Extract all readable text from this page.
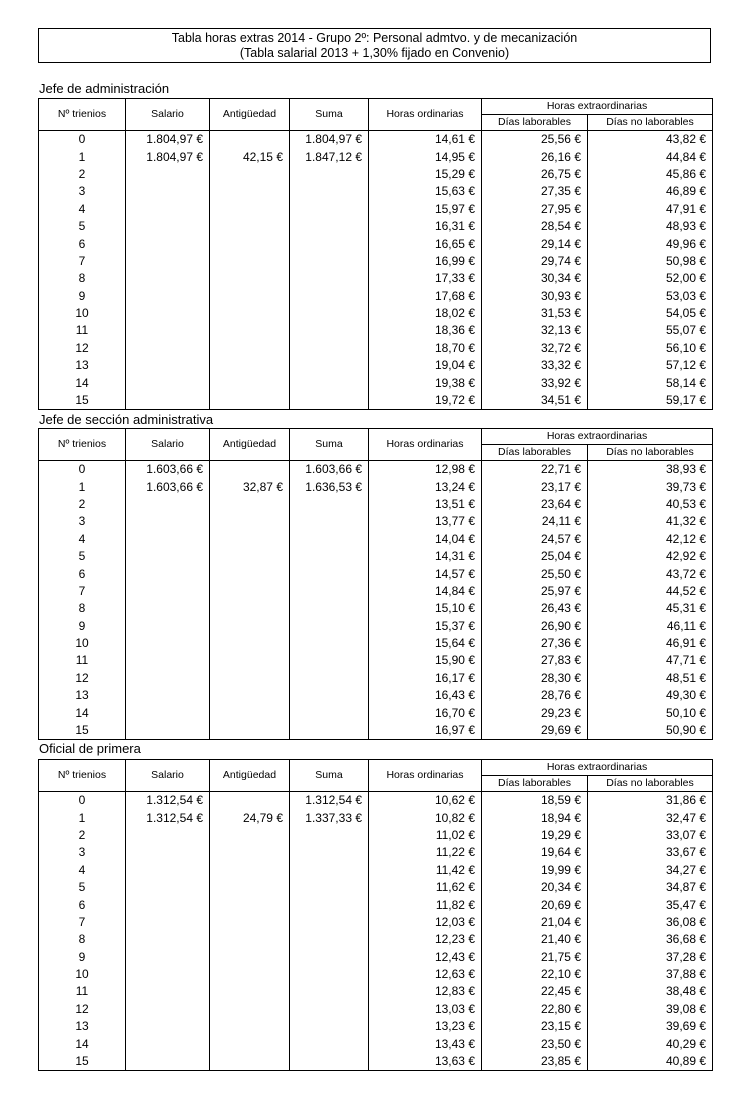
Tabla horas extras 2014 - Grupo 2º: Personal admtvo. y de mecanización
(Tabla salarial 2013 + 1,30% fijado en Convenio)
Jefe de administración
Nº trienios	Salario	Antigüedad	Suma	Horas ordinarias	Horas extraordinarias	
					Días laborables	Días no laborables
0	1.804,97 €		1.804,97 €	14,61 €	25,56 €	43,82 €
1	1.804,97 €	42,15 €	1.847,12 €	14,95 €	26,16 €	44,84 €
2				15,29 €	26,75 €	45,86 €
3				15,63 €	27,35 €	46,89 €
4				15,97 €	27,95 €	47,91 €
5				16,31 €	28,54 €	48,93 €
6				16,65 €	29,14 €	49,96 €
7				16,99 €	29,74 €	50,98 €
8				17,33 €	30,34 €	52,00 €
9				17,68 €	30,93 €	53,03 €
10				18,02 €	31,53 €	54,05 €
11				18,36 €	32,13 €	55,07 €
12				18,70 €	32,72 €	56,10 €
13				19,04 €	33,32 €	57,12 €
14				19,38 €	33,92 €	58,14 €
15				19,72 €	34,51 €	59,17 €
Jefe de sección administrativa
Nº trienios	Salario	Antigüedad	Suma	Horas ordinarias	Horas extraordinarias	
					Días laborables	Días no laborables
0	1.603,66 €		1.603,66 €	12,98 €	22,71 €	38,93 €
1	1.603,66 €	32,87 €	1.636,53 €	13,24 €	23,17 €	39,73 €
2				13,51 €	23,64 €	40,53 €
3				13,77 €	24,11 €	41,32 €
4				14,04 €	24,57 €	42,12 €
5				14,31 €	25,04 €	42,92 €
6				14,57 €	25,50 €	43,72 €
7				14,84 €	25,97 €	44,52 €
8				15,10 €	26,43 €	45,31 €
9				15,37 €	26,90 €	46,11 €
10				15,64 €	27,36 €	46,91 €
11				15,90 €	27,83 €	47,71 €
12				16,17 €	28,30 €	48,51 €
13				16,43 €	28,76 €	49,30 €
14				16,70 €	29,23 €	50,10 €
15				16,97 €	29,69 €	50,90 €
Oficial de primera
Nº trienios	Salario	Antigüedad	Suma	Horas ordinarias	Horas extraordinarias	
					Días laborables	Días no laborables
0	1.312,54 €		1.312,54 €	10,62 €	18,59 €	31,86 €
1	1.312,54 €	24,79 €	1.337,33 €	10,82 €	18,94 €	32,47 €
2				11,02 €	19,29 €	33,07 €
3				11,22 €	19,64 €	33,67 €
4				11,42 €	19,99 €	34,27 €
5				11,62 €	20,34 €	34,87 €
6				11,82 €	20,69 €	35,47 €
7				12,03 €	21,04 €	36,08 €
8				12,23 €	21,40 €	36,68 €
9				12,43 €	21,75 €	37,28 €
10				12,63 €	22,10 €	37,88 €
11				12,83 €	22,45 €	38,48 €
12				13,03 €	22,80 €	39,08 €
13				13,23 €	23,15 €	39,69 €
14				13,43 €	23,50 €	40,29 €
15				13,63 €	23,85 €	40,89 €
